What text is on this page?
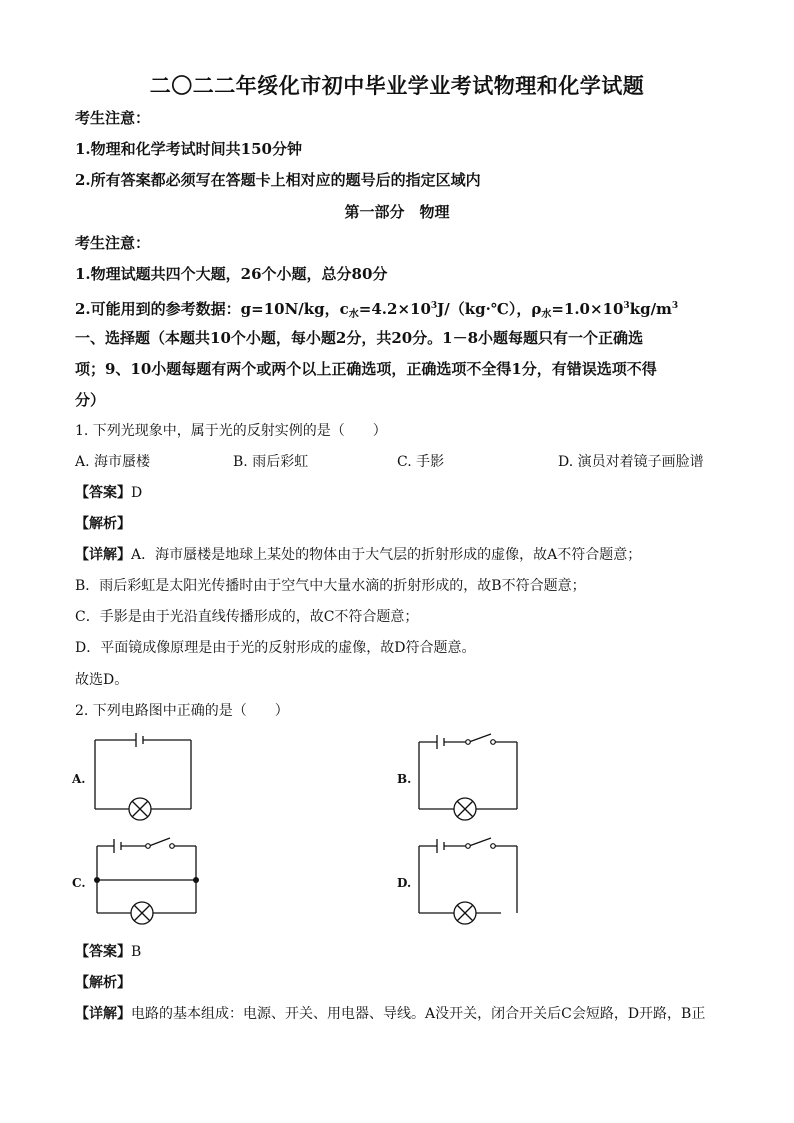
二〇二二年绥化市初中毕业学业考试物理和化学试题
考生注意：
1.物理和化学考试时间共150分钟
2.所有答案都必须写在答题卡上相对应的题号后的指定区域内
第一部分　物理
考生注意：
1.物理试题共四个大题，26个小题，总分80分
2.可能用到的参考数据：g=10N/kg，$c_水=4.2\times 10^3J/(kg\cdot℃)$，$\rho_水=1.0\times 10^3kg/m^3$
一、选择题（本题共10个小题，每小题2分，共20分。1－8小题每题只有一个正确选
项；9、10小题每题有两个或两个以上正确选项，正确选项不全得1分，有错误选项不得
分）
1. 下列光现象中，属于光的反射实例的是（　　）
A. 海市蜃楼	B. 雨后彩虹	C. 手影	D. 演员对着镜子画脸谱
【答案】D
【解析】
【详解】A．海市蜃楼是地球上某处的物体由于大气层的折射形成的虚像，故A不符合题意；
B．雨后彩虹是太阳光传播时由于空气中大量水滴的折射形成的，故B不符合题意；
C．手影是由于光沿直线传播形成的，故C不符合题意；
D．平面镜成像原理是由于光的反射形成的虚像，故D符合题意。
故选D。
2. 下列电路图中正确的是（　　）
A.	B.
C.	D.
【答案】B
【解析】
【详解】电路的基本组成：电源、开关、用电器、导线。A没开关，闭合开关后C会短路，D开路，B正
